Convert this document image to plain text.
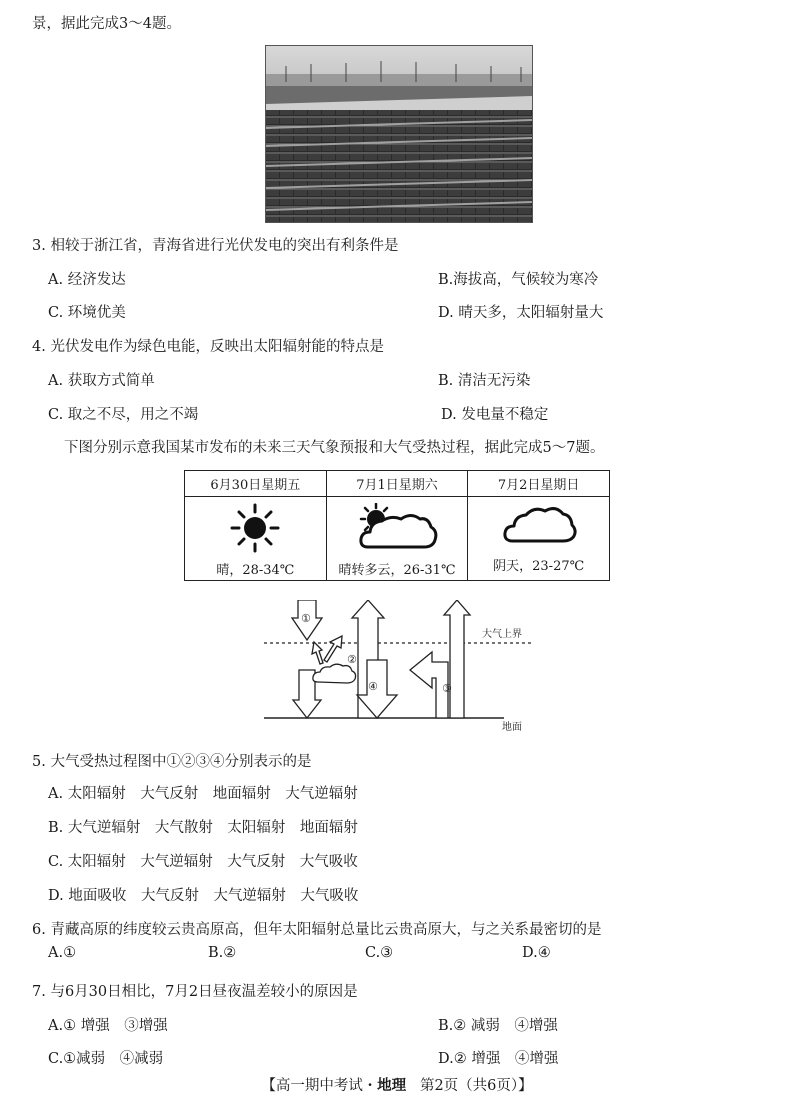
景，据此完成3～4题。
3. 相较于浙江省，青海省进行光伏发电的突出有利条件是
A. 经济发达	B.海拔高，气候较为寒冷
C. 环境优美	D. 晴天多，太阳辐射量大
4. 光伏发电作为绿色电能，反映出太阳辐射能的特点是
A. 获取方式简单	B. 清洁无污染
C. 取之不尽，用之不竭	D. 发电量不稳定
下图分别示意我国某市发布的未来三天气象预报和大气受热过程，据此完成5～7题。
6月30日星期五	7月1日星期六	7月2日星期日

晴，28-34℃	晴转多云，26-31℃	阴天，23-27℃
①
②
③
④
大气上界
地面
5. 大气受热过程图中①②③④分别表示的是
A. 太阳辐射　大气反射　地面辐射　大气逆辐射
B. 大气逆辐射　大气散射　太阳辐射　地面辐射
C. 太阳辐射　大气逆辐射　大气反射　大气吸收
D. 地面吸收　大气反射　大气逆辐射　大气吸收
6. 青藏高原的纬度较云贵高原高，但年太阳辐射总量比云贵高原大，与之关系最密切的是
A.①	B.②	C.③	D.④
7. 与6月30日相比，7月2日昼夜温差较小的原因是
A.① 增强　③增强	B.② 减弱　④增强
C.①减弱　④减弱	D.② 增强　④增强
【高一期中考试 · 地理 第2页（共6页）】
